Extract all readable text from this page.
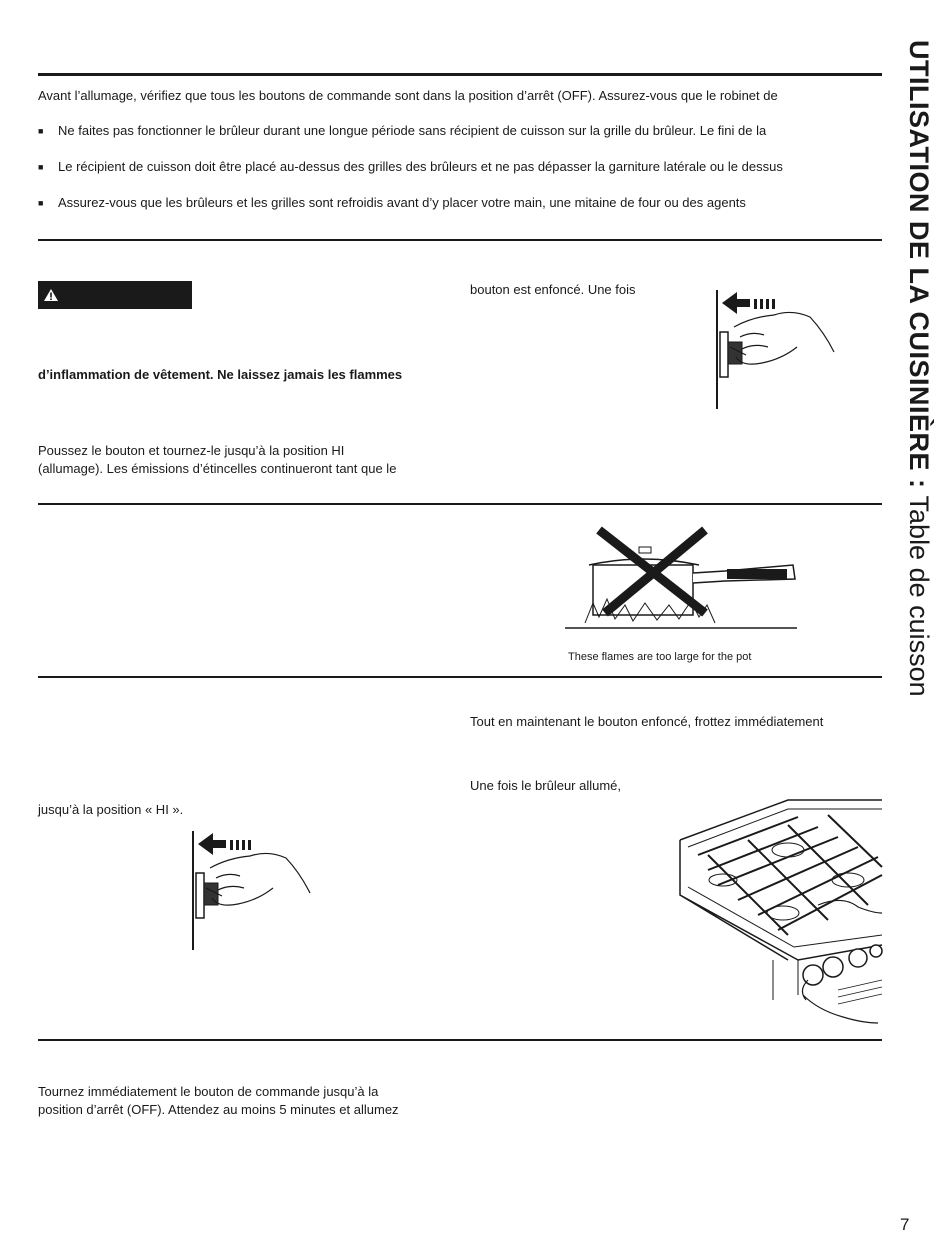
UTILISATION DE LA CUISINIÈRE : Table de cuisson
Avant l’allumage, vérifiez que tous les boutons de commande sont dans la position d’arrêt (OFF). Assurez-vous que le robinet de
■ Ne faites pas fonctionner le brûleur durant une longue période sans récipient de cuisson sur la grille du brûleur. Le fini de la
■ Le récipient de cuisson doit être placé au-dessus des grilles des brûleurs et ne pas dépasser la garniture latérale ou le dessus
■ Assurez-vous que les brûleurs et les grilles sont refroidis avant d’y placer votre main, une mitaine de four ou des agents
bouton est enfoncé. Une fois
d’inflammation de vêtement. Ne laissez jamais les flammes
Poussez le bouton et tournez-le jusqu’à la position HI
(allumage). Les émissions d’étincelles continueront tant que le
These flames are too large for the pot
Tout en maintenant le bouton enfoncé, frottez immédiatement
Une fois le brûleur allumé,
jusqu’à la position « HI ».
Tournez immédiatement le bouton de commande jusqu’à la
position d’arrêt (OFF). Attendez au moins 5 minutes et allumez
7
